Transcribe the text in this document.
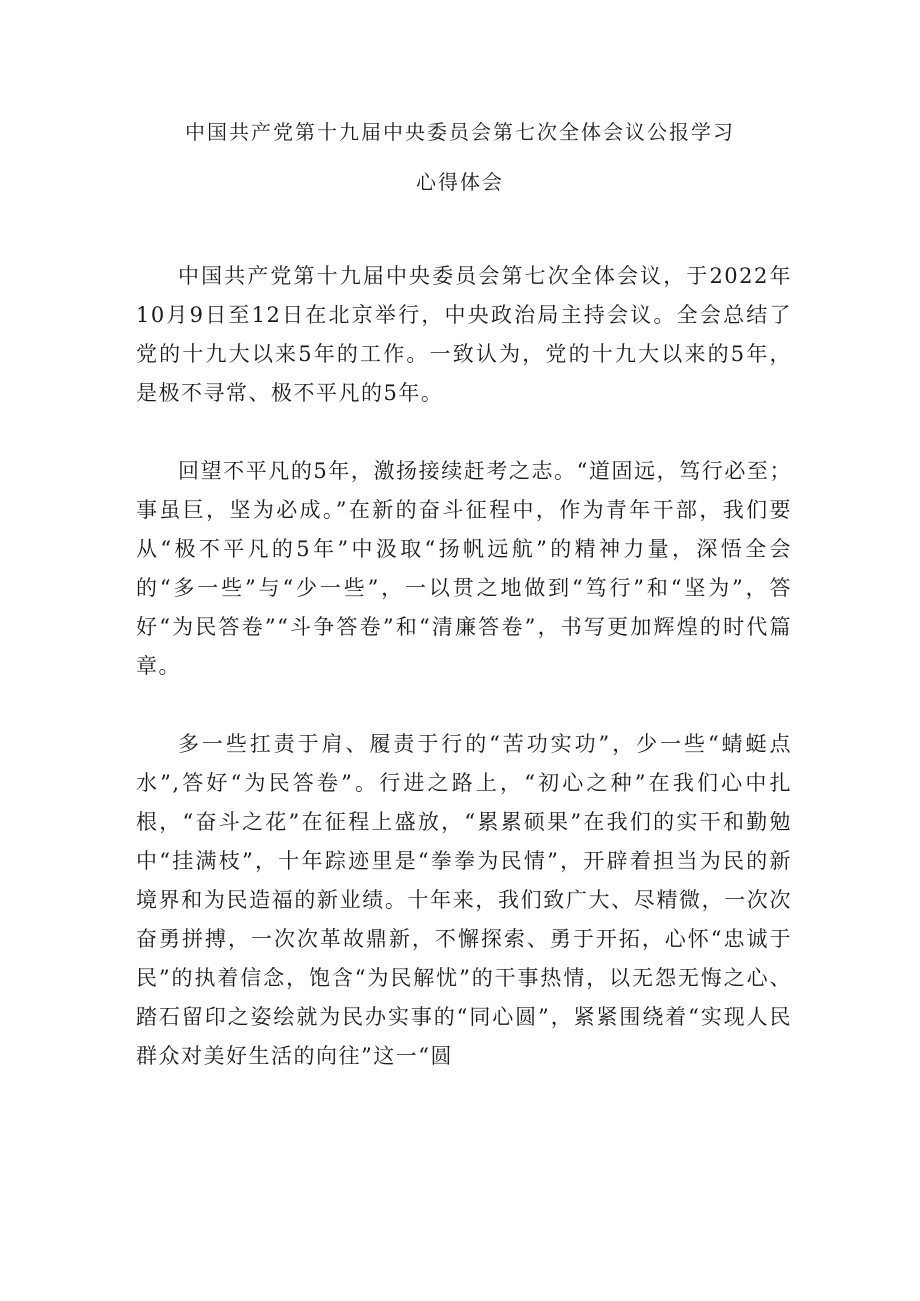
中国共产党第十九届中央委员会第七次全体会议公报学习
心得体会

中国共产党第十九届中央委员会第七次全体会议，于2022年10月9日至12日在北京举行，中央政治局主持会议。全会总结了党的十九大以来5年的工作。一致认为，党的十九大以来的5年，是极不寻常、极不平凡的5年。

回望不平凡的5年，激扬接续赶考之志。“道固远，笃行必至；事虽巨，坚为必成。”在新的奋斗征程中，作为青年干部，我们要从“极不平凡的5年”中汲取“扬帆远航”的精神力量，深悟全会的“多一些”与“少一些”，一以贯之地做到“笃行”和“坚为”，答好“为民答卷”“斗争答卷”和“清廉答卷”，书写更加辉煌的时代篇章。

多一些扛责于肩、履责于行的“苦功实功”，少一些“蜻蜓点水”,答好“为民答卷”。行进之路上，“初心之种”在我们心中扎根，“奋斗之花”在征程上盛放，“累累硕果”在我们的实干和勤勉中“挂满枝”，十年踪迹里是“拳拳为民情”，开辟着担当为民的新境界和为民造福的新业绩。十年来，我们致广大、尽精微，一次次奋勇拼搏，一次次革故鼎新，不懈探索、勇于开拓，心怀“忠诚于民”的执着信念，饱含“为民解忧”的干事热情，以无怨无悔之心、踏石留印之姿绘就为民办实事的“同心圆”，紧紧围绕着“实现人民群众对美好生活的向往”这一“圆
